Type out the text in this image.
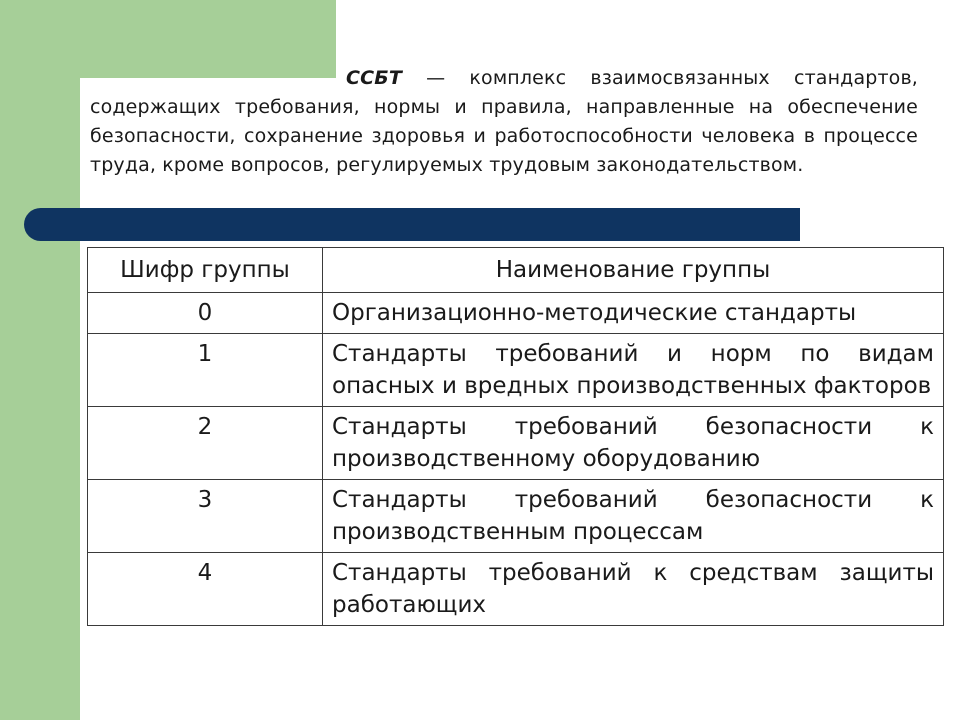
ССБТ — комплекс взаимосвязанных стандартов, содержащих требования, нормы и правила, направленные на обеспечение безопасности, сохранение здоровья и работоспособности человека в процессе труда, кроме вопросов, регулируемых трудовым законодательством.

Шифр группы	Наименование группы
0	Организационно-методические стандарты
1	Стандарты требований и норм по видам опасных и вредных производственных факторов
2	Стандарты требований безопасности к производственному оборудованию
3	Стандарты требований безопасности к производственным процессам
4	Стандарты требований к средствам защиты работающих
